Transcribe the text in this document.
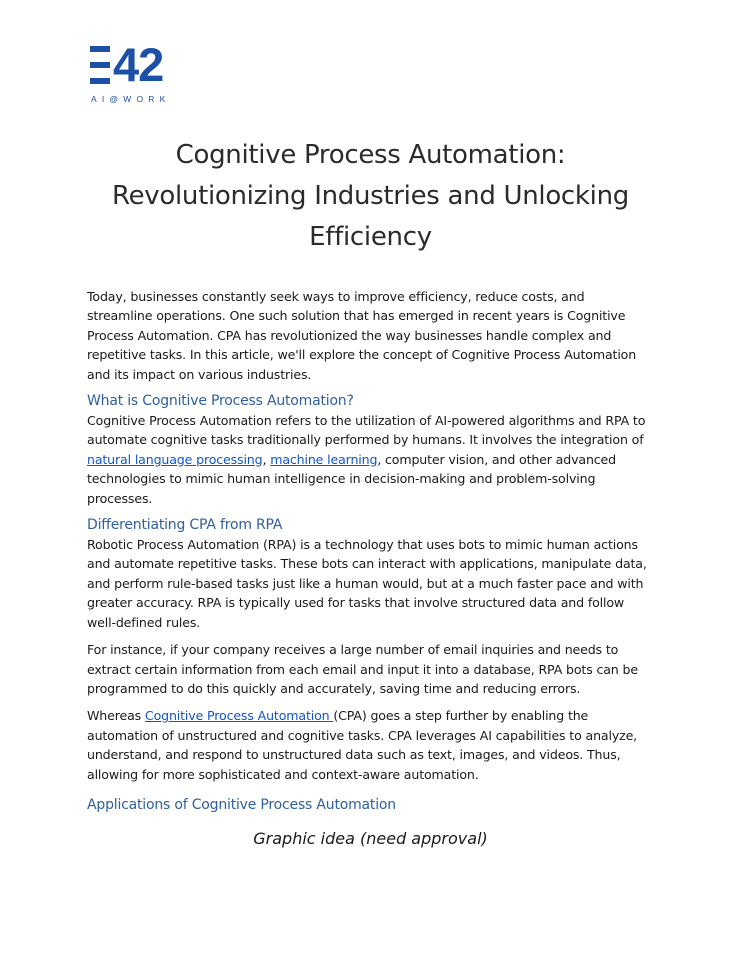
42
AI@WORK
Cognitive Process Automation:
Revolutionizing Industries and Unlocking
Efficiency

Today, businesses constantly seek ways to improve efficiency, reduce costs, and streamline operations. One such solution that has emerged in recent years is Cognitive Process Automation. CPA has revolutionized the way businesses handle complex and repetitive tasks. In this article, we'll explore the concept of Cognitive Process Automation and its impact on various industries.

What is Cognitive Process Automation?

Cognitive Process Automation refers to the utilization of AI-powered algorithms and RPA to automate cognitive tasks traditionally performed by humans. It involves the integration of natural language processing, machine learning, computer vision, and other advanced technologies to mimic human intelligence in decision-making and problem-solving processes.

Differentiating CPA from RPA

Robotic Process Automation (RPA) is a technology that uses bots to mimic human actions and automate repetitive tasks. These bots can interact with applications, manipulate data, and perform rule-based tasks just like a human would, but at a much faster pace and with greater accuracy. RPA is typically used for tasks that involve structured data and follow well-defined rules.

For instance, if your company receives a large number of email inquiries and needs to extract certain information from each email and input it into a database, RPA bots can be programmed to do this quickly and accurately, saving time and reducing errors.

Whereas Cognitive Process Automation (CPA) goes a step further by enabling the automation of unstructured and cognitive tasks. CPA leverages AI capabilities to analyze, understand, and respond to unstructured data such as text, images, and videos. Thus, allowing for more sophisticated and context-aware automation.

Applications of Cognitive Process Automation
Graphic idea (need approval)
